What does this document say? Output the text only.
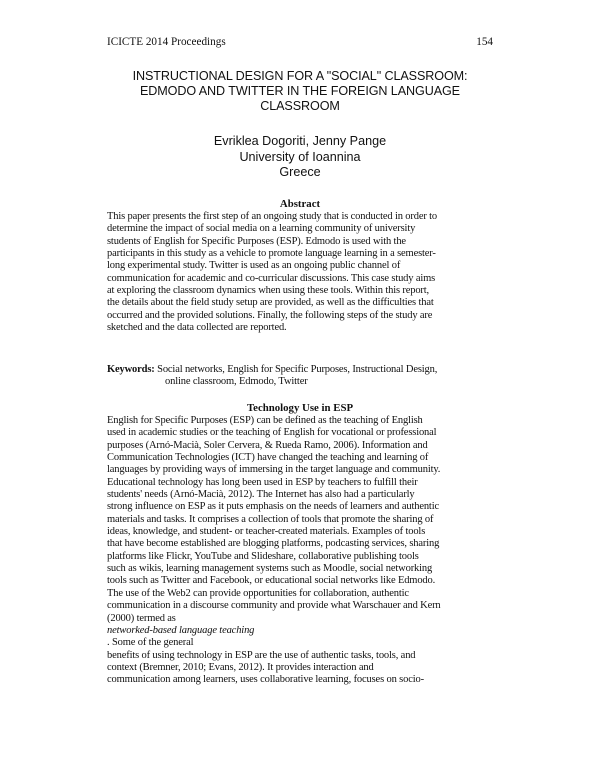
ICICTE 2014 Proceedings	154
INSTRUCTIONAL DESIGN FOR A "SOCIAL" CLASSROOM:
EDMODO AND TWITTER IN THE FOREIGN LANGUAGE
CLASSROOM
Evriklea Dogoriti, Jenny Pange
University of Ioannina
Greece
Abstract
This paper presents the first step of an ongoing study that is conducted in order to
determine the impact of social media on a learning community of university
students of English for Specific Purposes (ESP). Edmodo is used with the
participants in this study as a vehicle to promote language learning in a semester-
long experimental study. Twitter is used as an ongoing public channel of
communication for academic and co-curricular discussions. This case study aims
at exploring the classroom dynamics when using these tools. Within this report,
the details about the field study setup are provided, as well as the difficulties that
occurred and the provided solutions. Finally, the following steps of the study are
sketched and the data collected are reported.
Keywords: Social networks, English for Specific Purposes, Instructional Design,
online classroom, Edmodo, Twitter
Technology Use in ESP
English for Specific Purposes (ESP) can be defined as the teaching of English
used in academic studies or the teaching of English for vocational or professional
purposes (Arnó-Macià, Soler Cervera, & Rueda Ramo, 2006). Information and
Communication Technologies (ICT) have changed the teaching and learning of
languages by providing ways of immersing in the target language and community.
Educational technology has long been used in ESP by teachers to fulfill their
students' needs (Arnó-Macià, 2012). The Internet has also had a particularly
strong influence on ESP as it puts emphasis on the needs of learners and authentic
materials and tasks. It comprises a collection of tools that promote the sharing of
ideas, knowledge, and student- or teacher-created materials. Examples of tools
that have become established are blogging platforms, podcasting services, sharing
platforms like Flickr, YouTube and Slideshare, collaborative publishing tools
such as wikis, learning management systems such as Moodle, social networking
tools such as Twitter and Facebook, or educational social networks like Edmodo.
The use of the Web2 can provide opportunities for collaboration, authentic
communication in a discourse community and provide what Warschauer and Kern
(2000) termed as
networked-based language teaching
. Some of the general
benefits of using technology in ESP are the use of authentic tasks, tools, and
context (Bremner, 2010; Evans, 2012). It provides interaction and
communication among learners, uses collaborative learning, focuses on socio-
